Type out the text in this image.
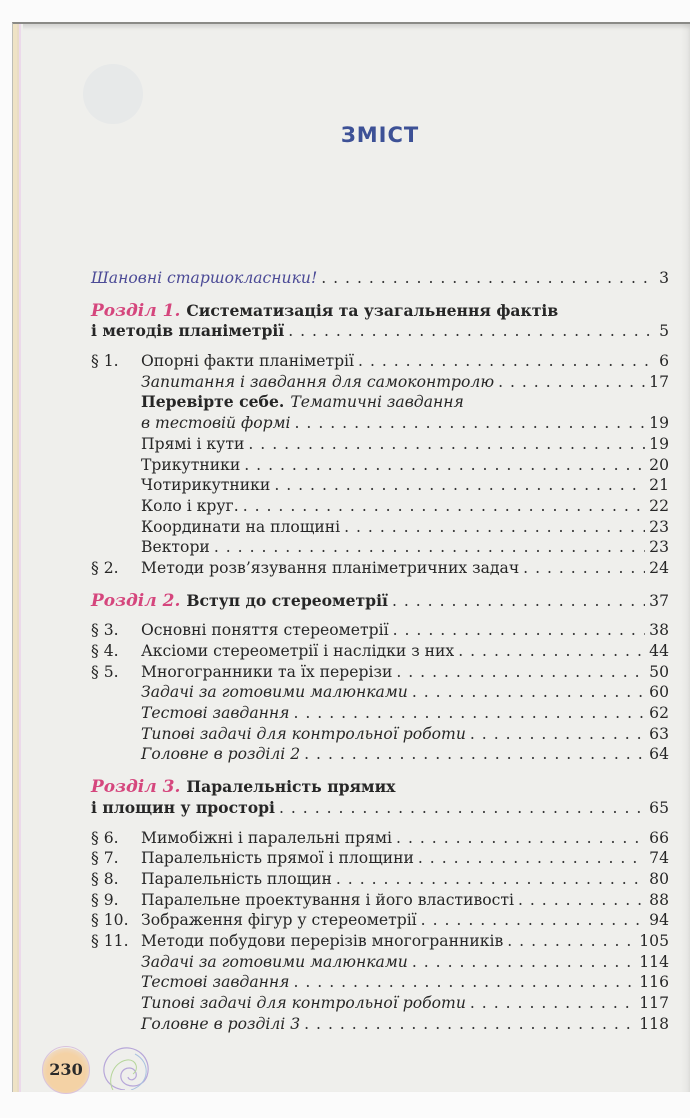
ЗМІСТ
Шановні старшокласники! . . .	3
Розділ 1. Систематизація та узагальнення фактів
і методів планіметрії . . .	5
§ 1.	Опорні факти планіметрії . . .	6
Запитання і завдання для самоконтролю . . .	17
Перевірте себе. Тематичні завдання
в тестовій формі . . .	19
Прямі і кути . . .	19
Трикутники . . .	20
Чотирикутники . . .	21
Коло і круг. . . .	22
Координати на площині . . .	23
Вектори . . .	23
§ 2.	Методи розв’язування планіметричних задач . . .	24
Розділ 2. Вступ до стереометрії . . .	37
§ 3.	Основні поняття стереометрії . . .	38
§ 4.	Аксіоми стереометрії і наслідки з них . . .	44
§ 5.	Многогранники та їх перерізи . . .	50
Задачі за готовими малюнками . . .	60
Тестові завдання . . .	62
Типові задачі для контрольної роботи . . .	63
Головне в розділі 2 . . .	64
Розділ 3. Паралельність прямих
і площин у просторі . . .	65
§ 6.	Мимобіжні і паралельні прямі . . .	66
§ 7.	Паралельність прямої і площини . . .	74
§ 8.	Паралельність площин . . .	80
§ 9.	Паралельне проектування і його властивості . . .	88
§ 10. Зображення фігур у стереометрії . . .	94
§ 11. Методи побудови перерізів многогранників . . .	105
Задачі за готовими малюнками . . .	114
Тестові завдання . . .	116
Типові задачі для контрольної роботи . . .	117
Головне в розділі 3 . . .	118
230
